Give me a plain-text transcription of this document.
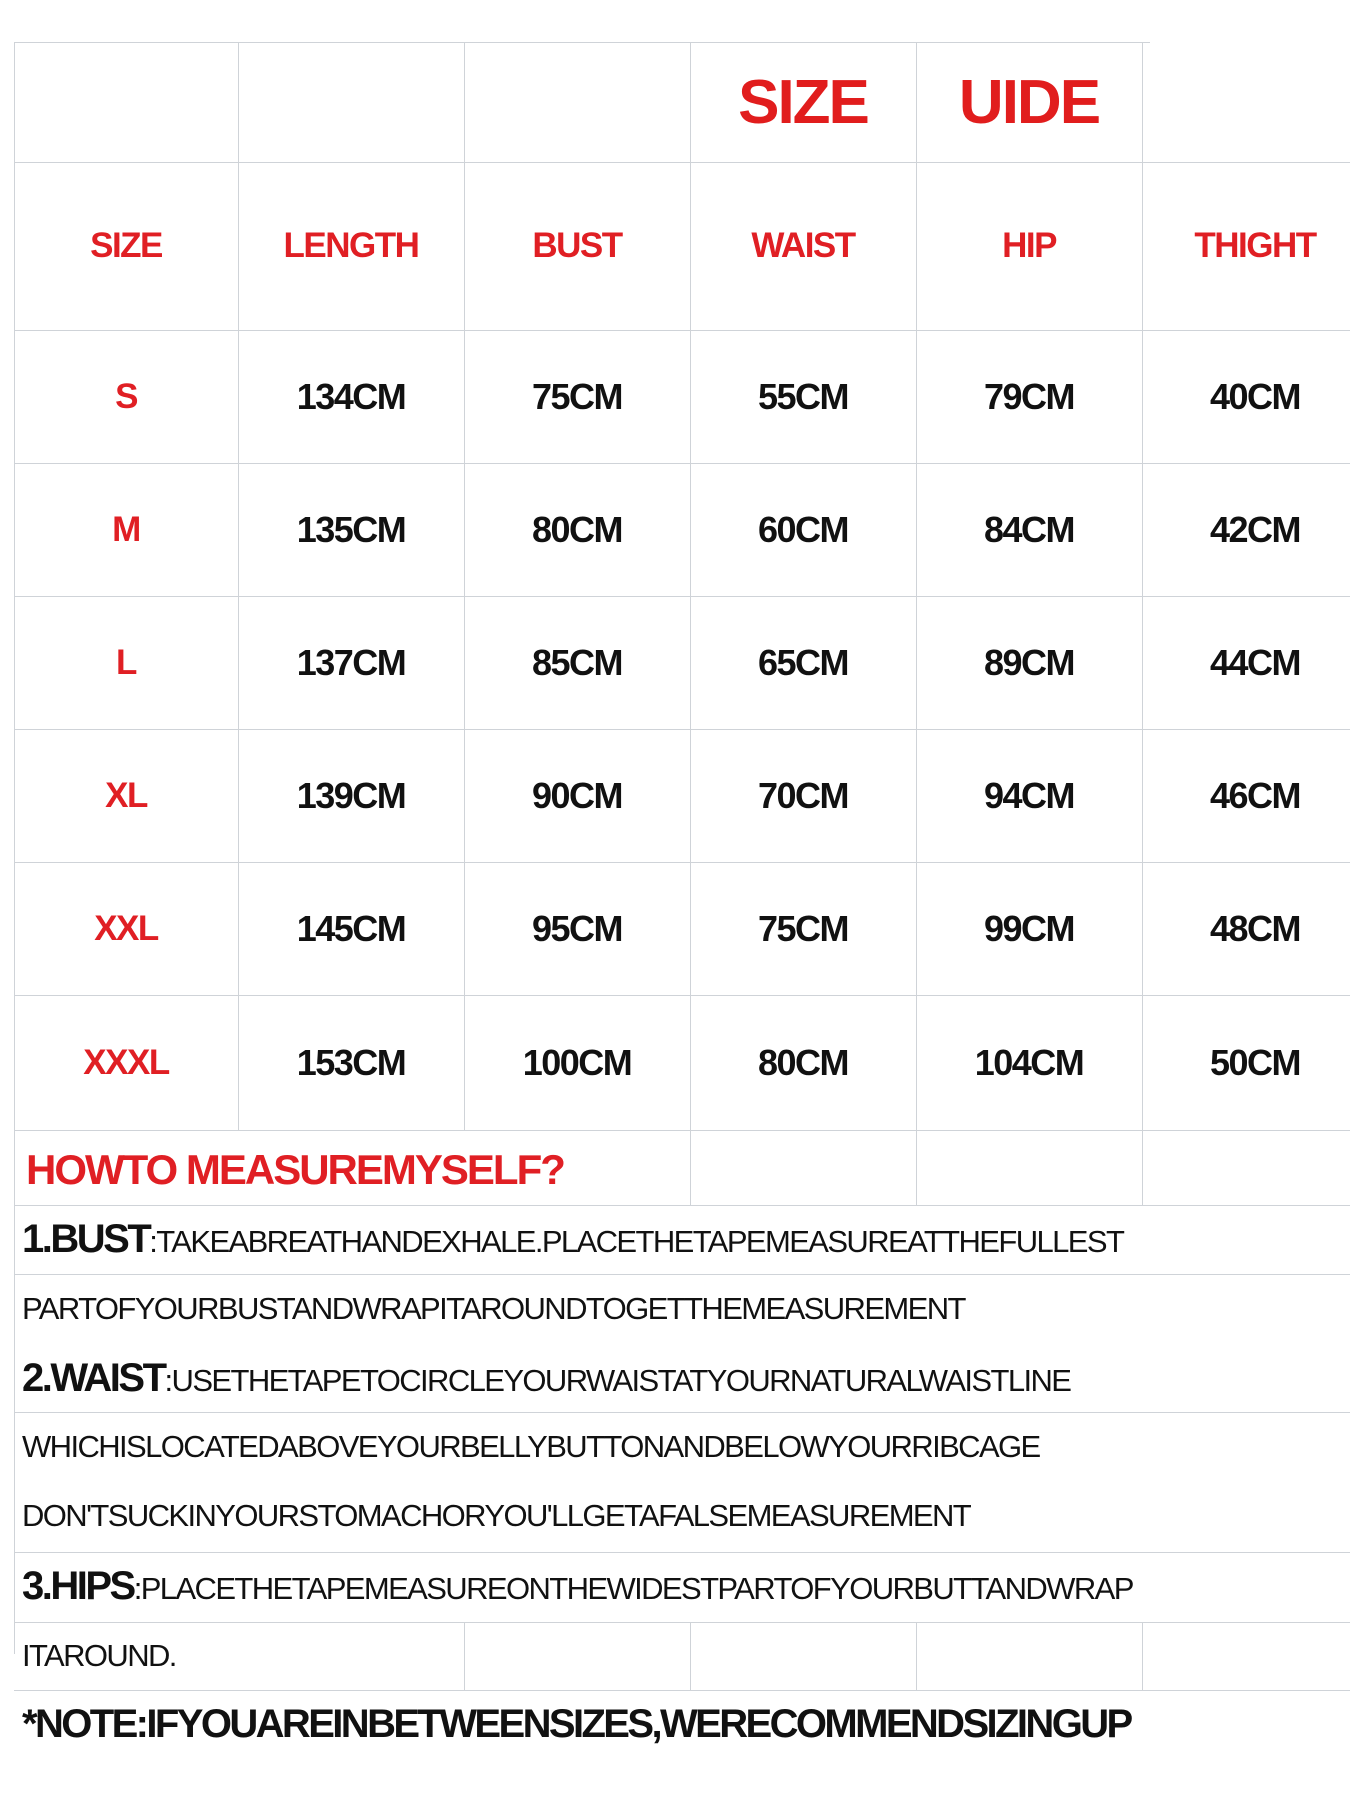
SIZE	UIDE
SIZE	LENGTH	BUST	WAIST	HIP	THIGHT
S	134CM	75CM	55CM	79CM	40CM
M	135CM	80CM	60CM	84CM	42CM
L	137CM	85CM	65CM	89CM	44CM
XL	139CM	90CM	70CM	94CM	46CM
XXL	145CM	95CM	75CM	99CM	48CM
XXXL	153CM	100CM	80CM	104CM	50CM
HOWTO MEASUREMYSELF?
1.BUST:TAKEABREATHANDEXHALE.PLACETHETAPEMEASUREATTHEFULLEST
PARTOFYOURBUSTANDWRAPITAROUNDTOGETTHEMEASUREMENT
2.WAIST:USETHETAPETOCIRCLEYOURWAISTATYOURNATURALWAISTLINE
WHICHISLOCATEDABOVEYOURBELLYBUTTONANDBELOWYOURRIBCAGE
DON'TSUCKINYOURSTOMACHORYOU'LLGETAFALSEMEASUREMENT
3.HIPS:PLACETHETAPEMEASUREONTHEWIDESTPARTOFYOURBUTTANDWRAP
ITAROUND.
*NOTE:IFYOUAREINBETWEENSIZES,WERECOMMENDSIZINGUP
